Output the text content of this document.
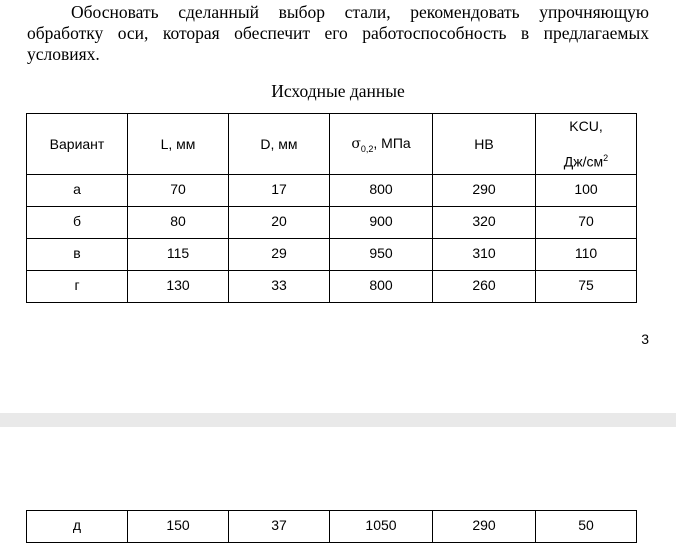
Обосновать сделанный выбор стали, рекомендовать упрочняющую
обработку оси, которая обеспечит его работоспособность в предлагаемых
условиях.
Исходные данные
Вариант	L, мм	D, мм	$\sigma_{0,2}$, МПа	HB	KCU,
$Дж/см^2$

а	70	17	800	290	100
б	80	20	900	320	70
в	115	29	950	310	110
г	130	33	800	260	75
3
д	150	37	1050	290	50
